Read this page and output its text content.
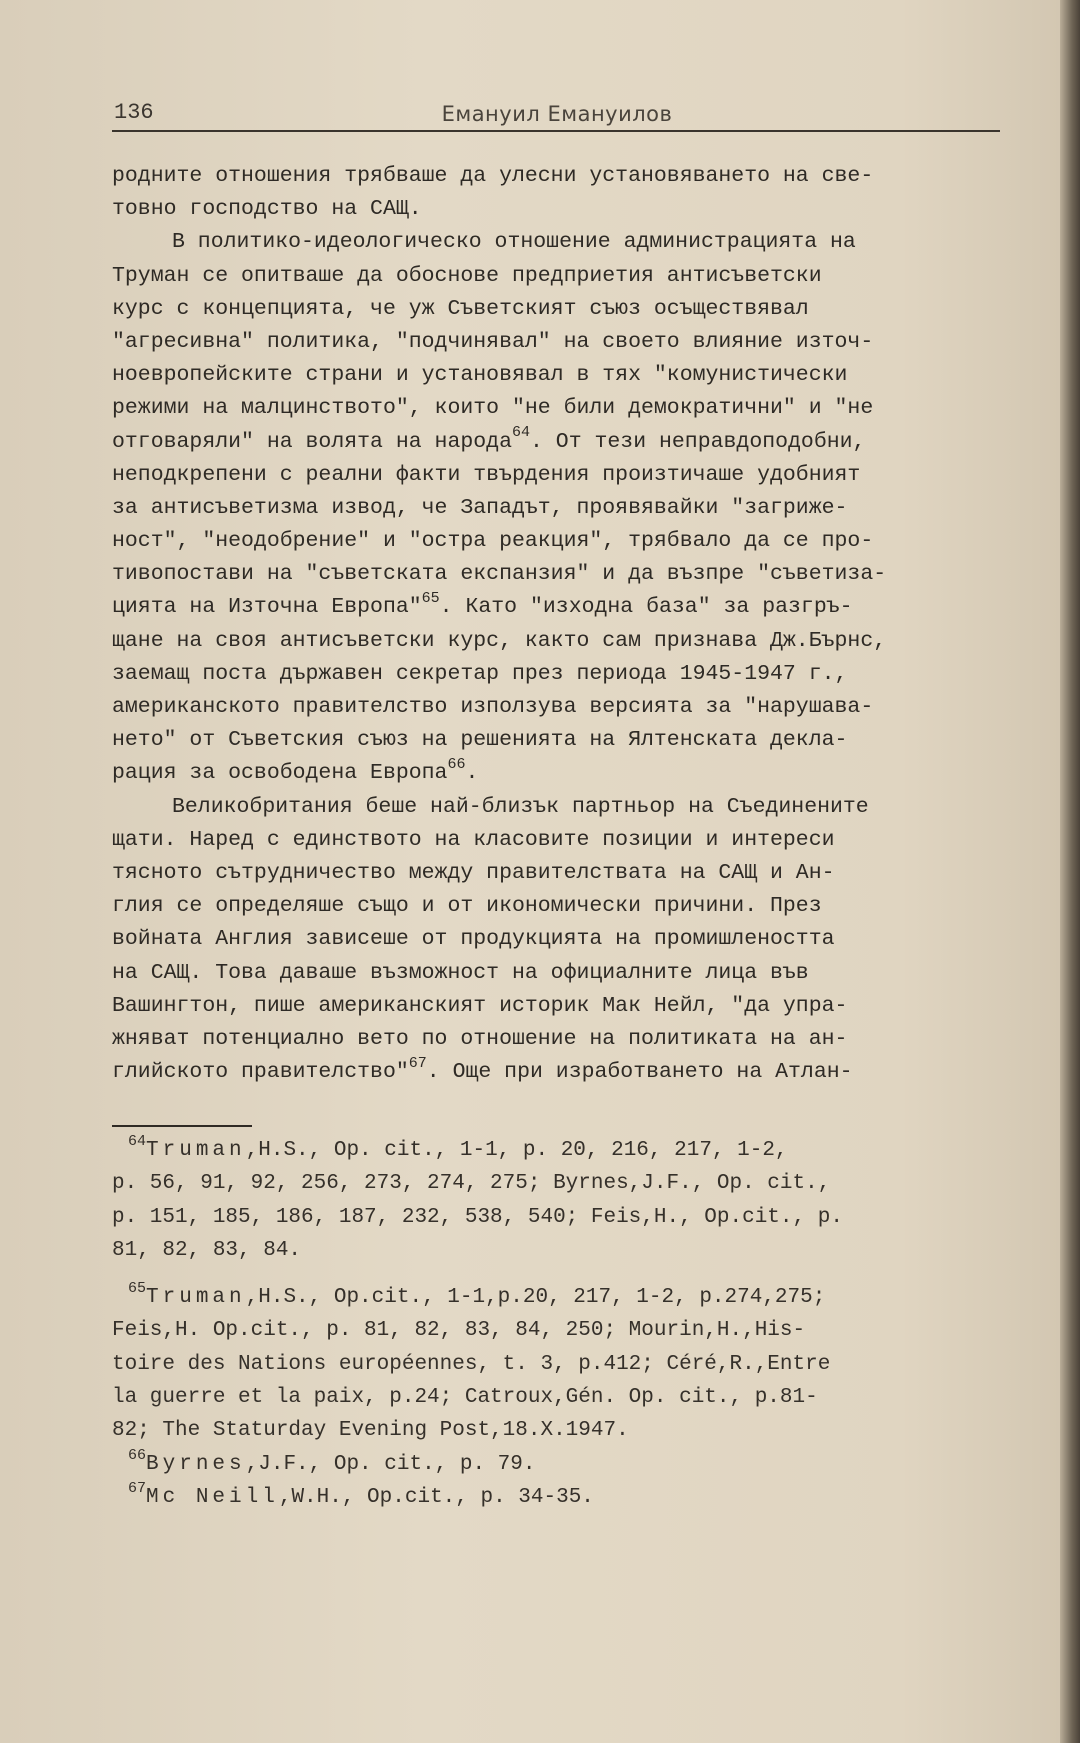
136	Емануил Емануилов
родните отношения трябваше да улесни установяването на све-
товно господство на САЩ.
В политико-идеологическо отношение администрацията на
Труман се опитваше да обоснове предприетия антисъветски
курс с концепцията, че уж Съветският съюз осъществявал
"агресивна" политика, "подчинявал" на своето влияние източ-
ноевропейските страни и установявал в тях "комунистически
режими на малцинството", които "не били демократични" и "не
отговаряли" на волята на народа$^{64}$. От тези неправдоподобни,
неподкрепени с реални факти твърдения произтичаше удобният
за антисъветизма извод, че Западът, проявявайки "загриже-
ност", "неодобрение" и "остра реакция", трябвало да се про-
тивопостави на "съветската експанзия" и да възпре "съветиза-
цията на Източна Европа"$^{65}$. Като "изходна база" за разгръ-
щане на своя антисъветски курс, както сам признава Дж.Бърнс,
заемащ поста държавен секретар през периода 1945-1947 г.,
американското правителство използува версията за "нарушава-
нето" от Съветския съюз на решенията на Ялтенската декла-
рация за освободена Европа$^{66}$.
Великобритания беше най-близък партньор на Съединените
щати. Наред с единството на класовите позиции и интереси
тясното сътрудничество между правителствата на САЩ и Ан-
глия се определяше също и от икономически причини. През
войната Англия зависеше от продукцията на промишлеността
на САЩ. Това даваше възможност на официалните лица във
Вашингтон, пише американският историк Мак Нейл, "да упра-
жняват потенциално вето по отношение на политиката на ан-
глийското правителство"$^{67}$. Още при изработването на Атлан-
$^{64}$Truman,H.S., Op. cit., 1-1, p. 20, 216, 217, 1-2,
p. 56, 91, 92, 256, 273, 274, 275; Byrnes,J.F., Op. cit.,
p. 151, 185, 186, 187, 232, 538, 540; Feis,H., Op.cit., p.
81, 82, 83, 84.
$^{65}$Truman,H.S., Op.cit., 1-1,p.20, 217, 1-2, p.274,275;
Feis,H. Op.cit., p. 81, 82, 83, 84, 250; Mourin,H.,His-
toire des Nations européennes, t. 3, p.412; Céré,R.,Entre
la guerre et la paix, p.24; Catroux,Gén. Op. cit., p.81-
82; The Staturday Evening Post,18.X.1947.
$^{66}$Byrnes,J.F., Op. cit., p. 79.
$^{67}$Mc Neill,W.H., Op.cit., p. 34-35.
